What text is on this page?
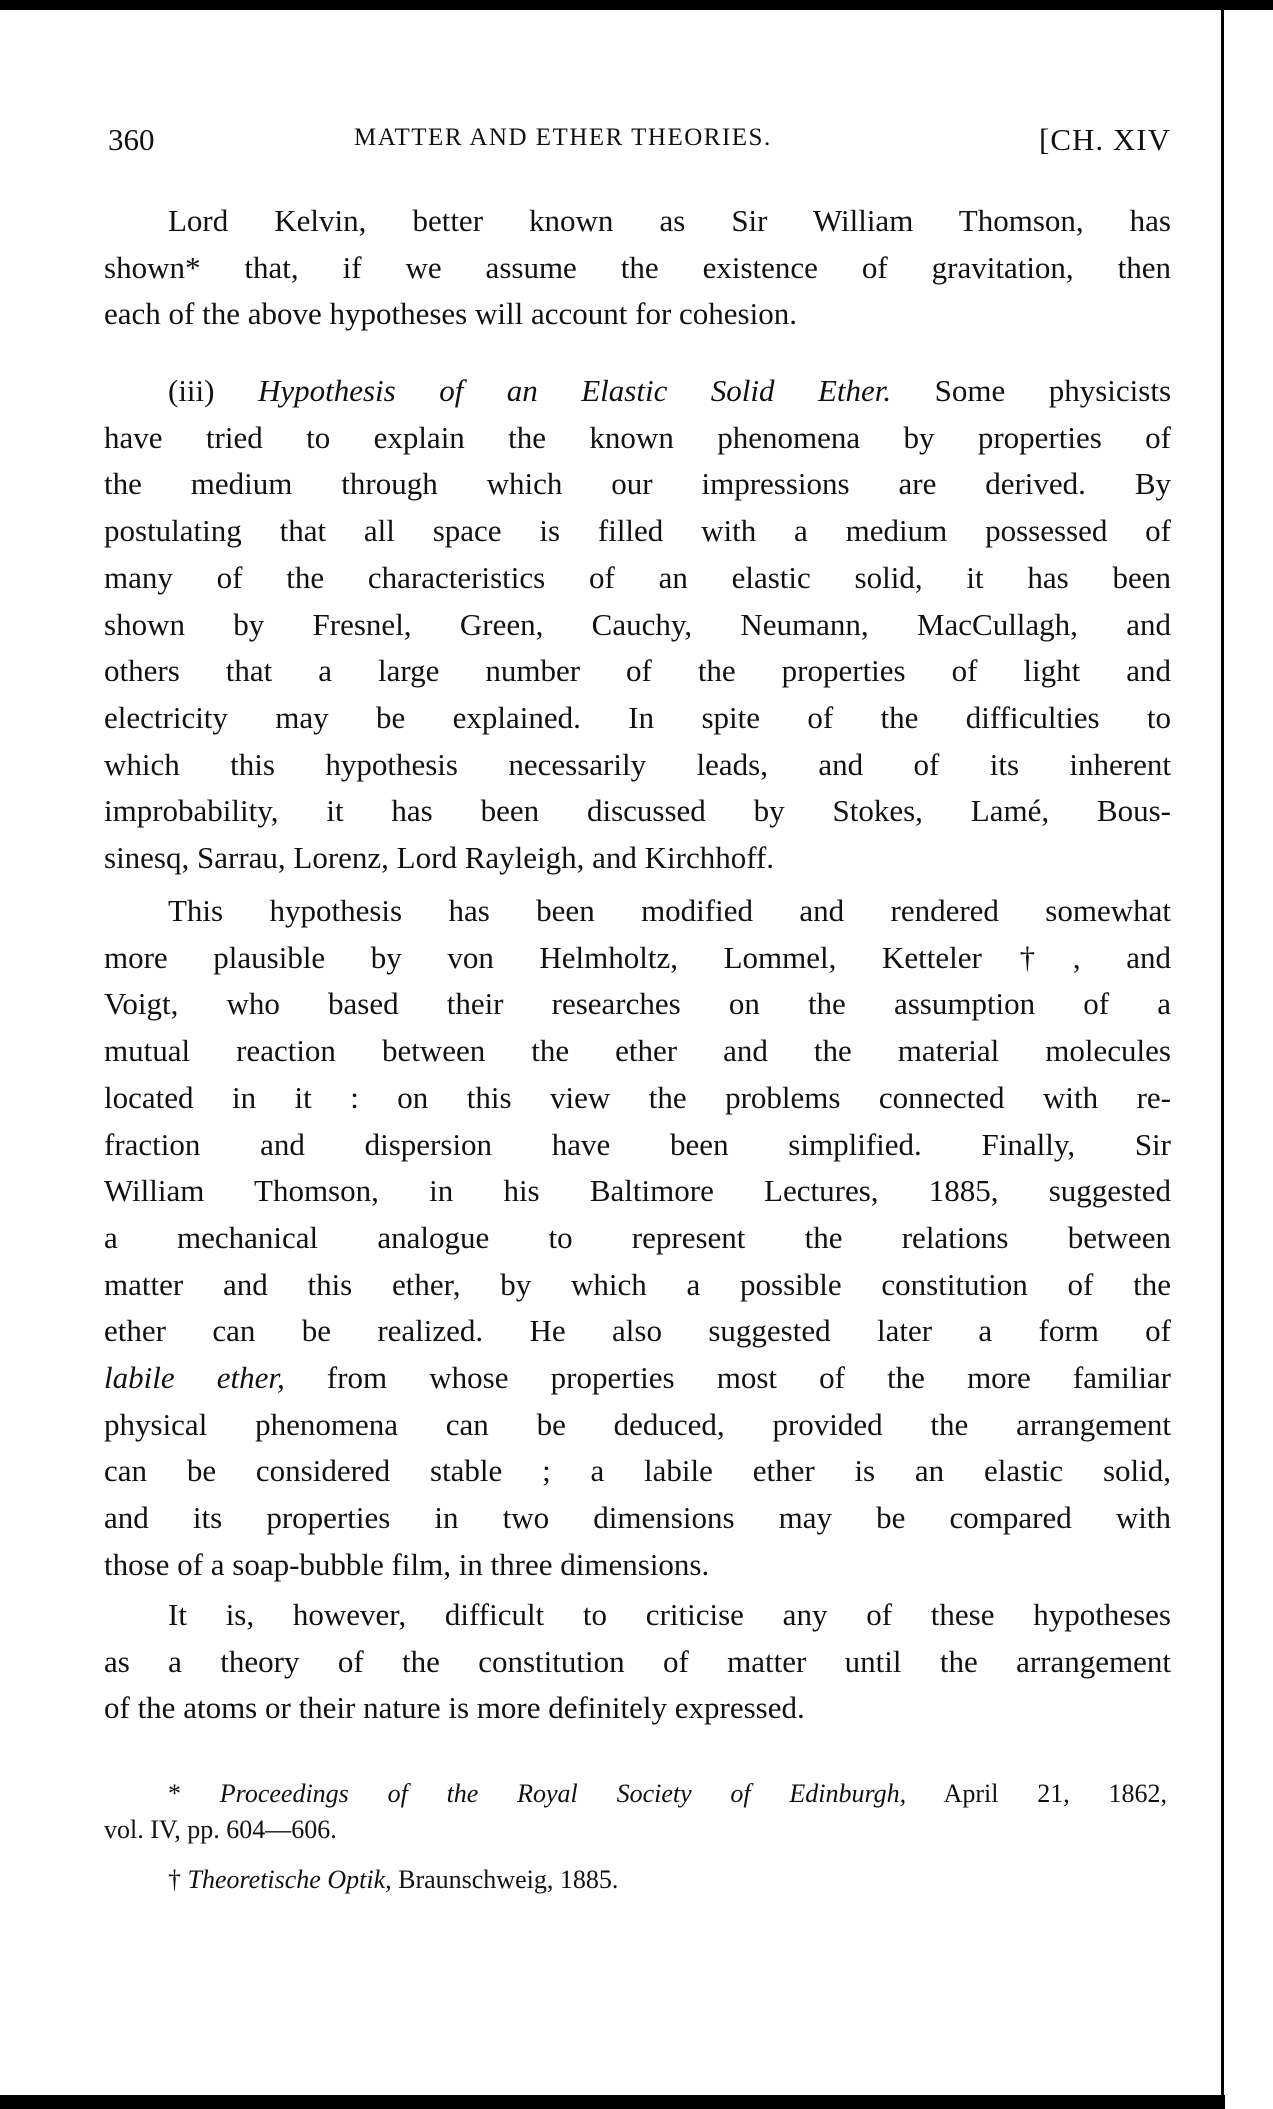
360	MATTER AND ETHER THEORIES.	[CH. XIV
Lord Kelvin, better known as Sir William Thomson, has
shown* that, if we assume the existence of gravitation, then
each of the above hypotheses will account for cohesion.
(iii) Hypothesis of an Elastic Solid Ether. Some physicists
have tried to explain the known phenomena by properties of
the medium through which our impressions are derived. By
postulating that all space is filled with a medium possessed of
many of the characteristics of an elastic solid, it has been
shown by Fresnel, Green, Cauchy, Neumann, MacCullagh, and
others that a large number of the properties of light and
electricity may be explained. In spite of the difficulties to
which this hypothesis necessarily leads, and of its inherent
improbability, it has been discussed by Stokes, Lamé, Bous-
sinesq, Sarrau, Lorenz, Lord Rayleigh, and Kirchhoff.
This hypothesis has been modified and rendered somewhat
more plausible by von Helmholtz, Lommel, Ketteler†, and
Voigt, who based their researches on the assumption of a
mutual reaction between the ether and the material molecules
located in it : on this view the problems connected with re-
fraction and dispersion have been simplified. Finally, Sir
William Thomson, in his Baltimore Lectures, 1885, suggested
a mechanical analogue to represent the relations between
matter and this ether, by which a possible constitution of the
ether can be realized. He also suggested later a form of
labile ether, from whose properties most of the more familiar
physical phenomena can be deduced, provided the arrangement
can be considered stable ; a labile ether is an elastic solid,
and its properties in two dimensions may be compared with
those of a soap-bubble film, in three dimensions.
It is, however, difficult to criticise any of these hypotheses
as a theory of the constitution of matter until the arrangement
of the atoms or their nature is more definitely expressed.
* Proceedings of the Royal Society of Edinburgh, April 21, 1862,
vol. IV, pp. 604—606.
† Theoretische Optik, Braunschweig, 1885.
